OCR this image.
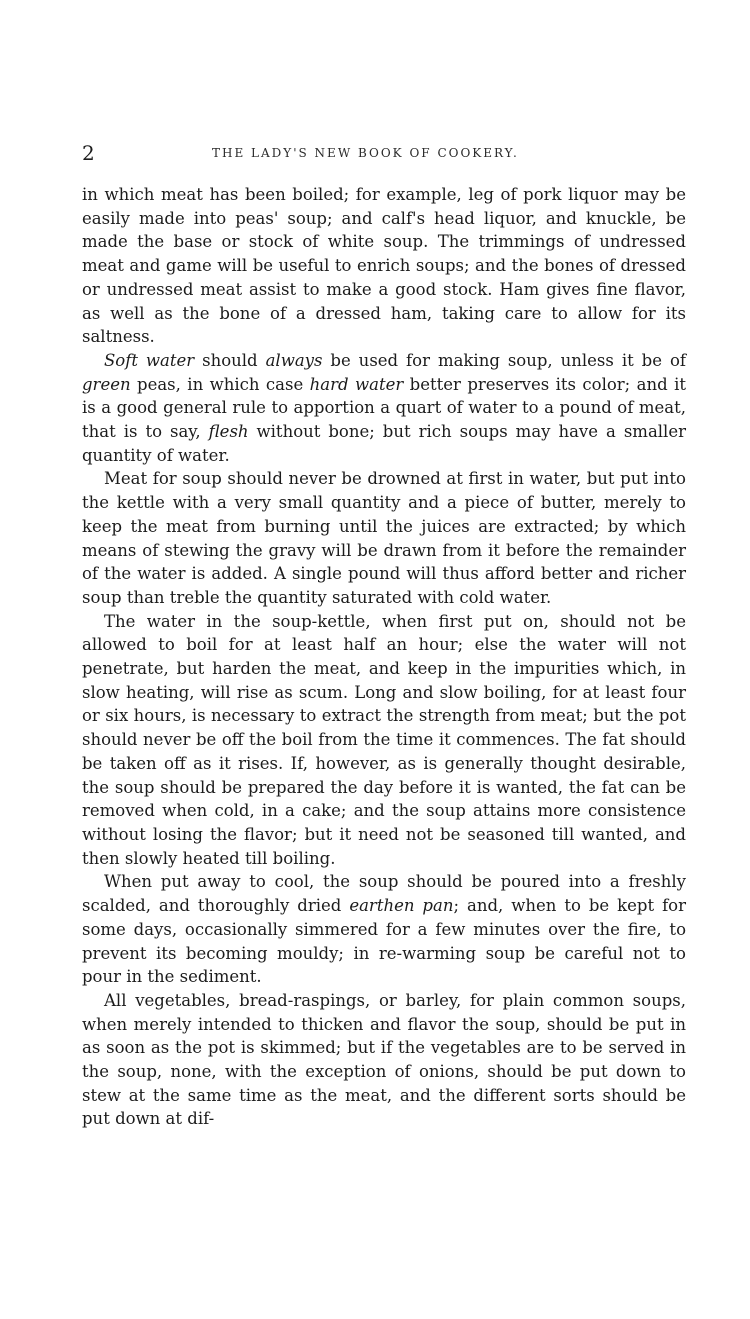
2	THE LADY'S NEW BOOK OF COOKERY.

in which meat has been boiled; for example, leg of pork liquor may be easily made into peas' soup; and calf's head liquor, and knuckle, be made the base or stock of white soup. The trimmings of undressed meat and game will be useful to enrich soups; and the bones of dressed or undressed meat assist to make a good stock. Ham gives fine flavor, as well as the bone of a dressed ham, taking care to allow for its saltness.

Soft water should always be used for making soup, unless it be of green peas, in which case hard water better preserves its color; and it is a good general rule to apportion a quart of water to a pound of meat, that is to say, flesh without bone; but rich soups may have a smaller quantity of water.

Meat for soup should never be drowned at first in water, but put into the kettle with a very small quantity and a piece of butter, merely to keep the meat from burning until the juices are extracted; by which means of stewing the gravy will be drawn from it before the remainder of the water is added. A single pound will thus afford better and richer soup than treble the quantity saturated with cold water.

The water in the soup-kettle, when first put on, should not be allowed to boil for at least half an hour; else the water will not penetrate, but harden the meat, and keep in the impurities which, in slow heating, will rise as scum. Long and slow boiling, for at least four or six hours, is necessary to extract the strength from meat; but the pot should never be off the boil from the time it commences. The fat should be taken off as it rises. If, however, as is generally thought desirable, the soup should be prepared the day before it is wanted, the fat can be removed when cold, in a cake; and the soup attains more consistence without losing the flavor; but it need not be seasoned till wanted, and then slowly heated till boiling.

When put away to cool, the soup should be poured into a freshly scalded, and thoroughly dried earthen pan; and, when to be kept for some days, occasionally simmered for a few minutes over the fire, to prevent its becoming mouldy; in re-warming soup be careful not to pour in the sediment.

All vegetables, bread-raspings, or barley, for plain common soups, when merely intended to thicken and flavor the soup, should be put in as soon as the pot is skimmed; but if the vegetables are to be served in the soup, none, with the exception of onions, should be put down to stew at the same time as the meat, and the different sorts should be put down at dif-
